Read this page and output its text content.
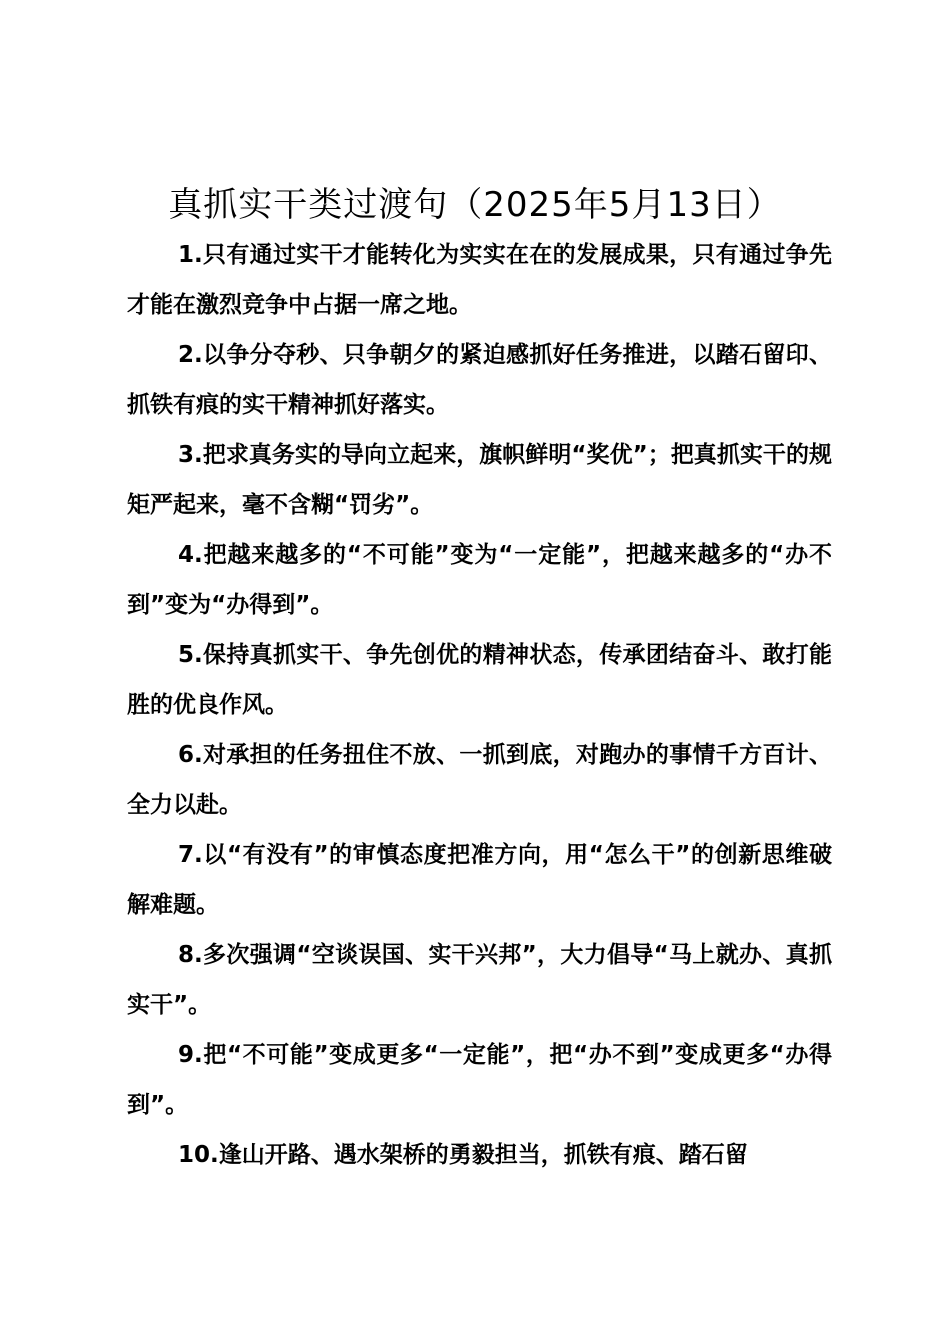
真抓实干类过渡句（2025年5月13日）

1.只有通过实干才能转化为实实在在的发展成果，只有通过争先才能在激烈竞争中占据一席之地。

2.以争分夺秒、只争朝夕的紧迫感抓好任务推进，以踏石留印、抓铁有痕的实干精神抓好落实。

3.把求真务实的导向立起来，旗帜鲜明“奖优”；把真抓实干的规矩严起来，毫不含糊“罚劣”。

4.把越来越多的“不可能”变为“一定能”，把越来越多的“办不到”变为“办得到”。

5.保持真抓实干、争先创优的精神状态，传承团结奋斗、敢打能胜的优良作风。

6.对承担的任务扭住不放、一抓到底，对跑办的事情千方百计、全力以赴。

7.以“有没有”的审慎态度把准方向，用“怎么干”的创新思维破解难题。

8.多次强调“空谈误国、实干兴邦”，大力倡导“马上就办、真抓实干”。

9.把“不可能”变成更多“一定能”，把“办不到”变成更多“办得到”。

10.逢山开路、遇水架桥的勇毅担当，抓铁有痕、踏石留
